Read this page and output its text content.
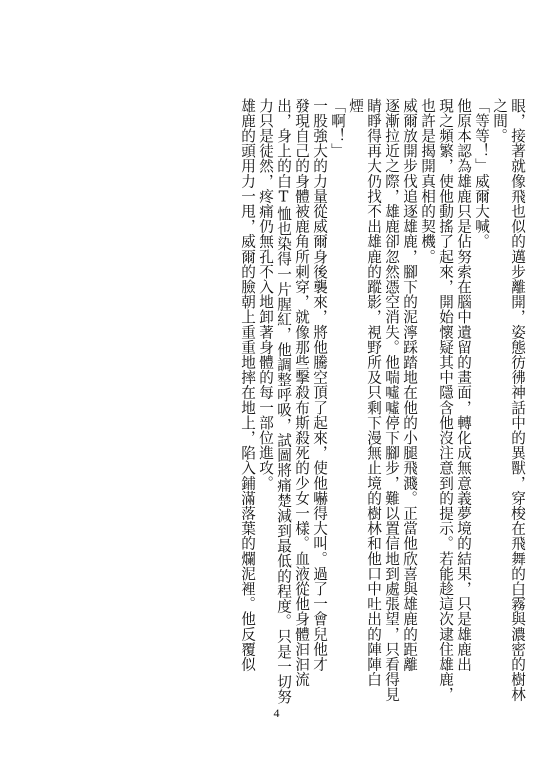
眼，接著就像飛也似的邁步離開，姿態彷彿神話中的異獸，穿梭在飛舞的白霧與濃密的樹林
之間。
「等等！」威爾大喊。
他原本認為雄鹿只是佔努索在腦中遺留的畫面，轉化成無意義夢境的結果，只是雄鹿出
現之頻繁，使他動搖了起來，開始懷疑其中隱含他沒注意到的提示。若能趁這次逮住雄鹿，
也許是揭開真相的契機。
威爾放開步伐追逐雄鹿，腳下的泥濘踩踏地在他的小腿飛濺。正當他欣喜與雄鹿的距離
逐漸拉近之際，雄鹿卻忽然憑空消失。他喘噓噓停下腳步，難以置信地到處張望，只看得見
睛睜得再大仍找不出雄鹿的蹤影，視野所及只剩下漫無止境的樹林和他口中吐出的陣陣白
煙
「啊！」
一股強大的力量從威爾身後襲來，將他騰空頂了起來，使他嚇得大叫。過了一會兒他才
發現自己的身體被鹿角所刺穿，就像那些擊殺布斯殺死的少女一樣。血液從他身體汩汩流
出，身上的白T恤也染得一片腥紅，他調整呼吸，試圖將痛楚減到最低的程度。只是一切努
力只是徒然，疼痛仍無孔不入地卸著身體的每一部位進攻。
雄鹿的頭用力一甩，威爾的臉朝上重重地摔在地上，陷入鋪滿落葉的爛泥裡。他反覆似
4
